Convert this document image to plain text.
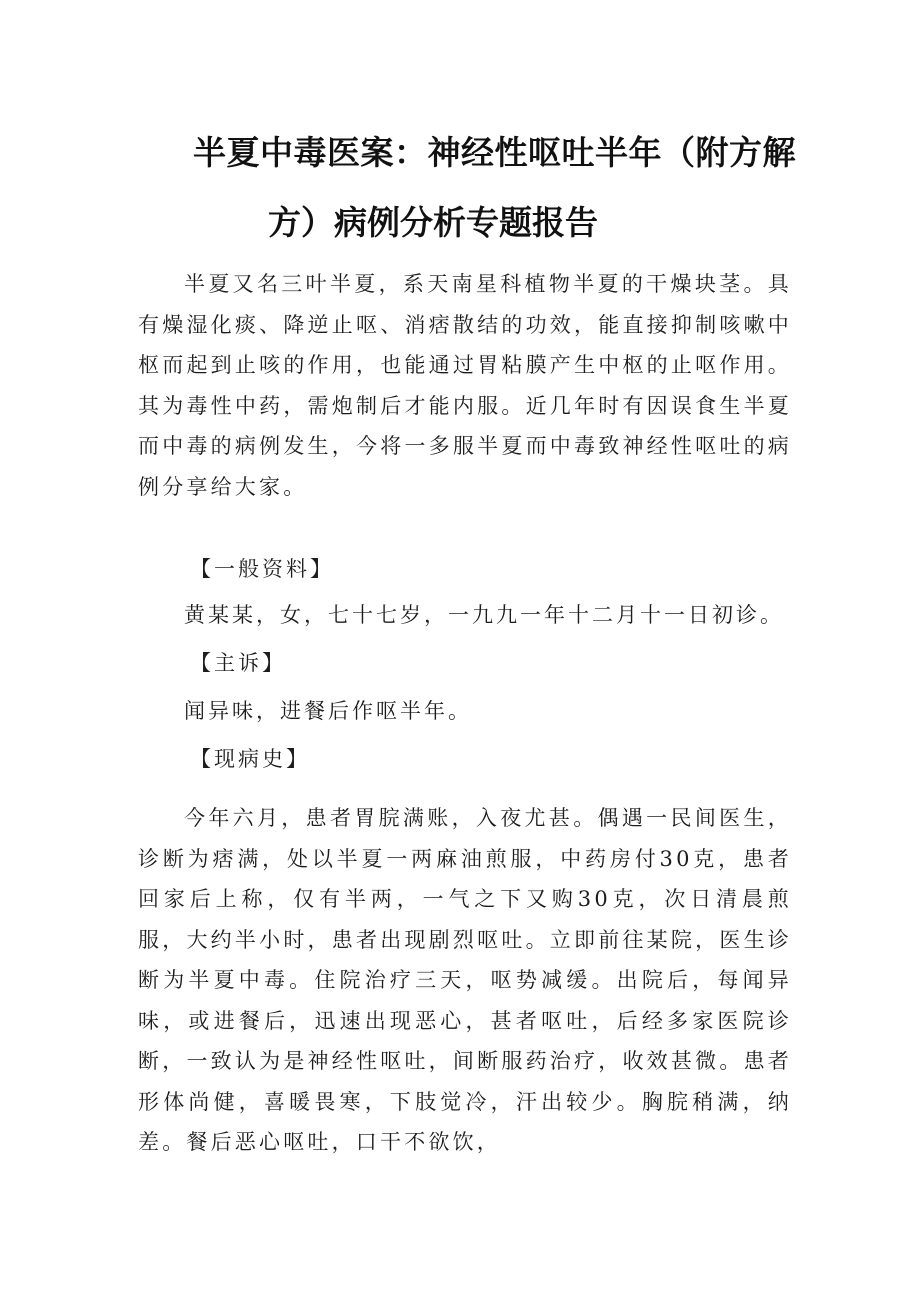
半夏中毒医案：神经性呕吐半年（附方解
方）病例分析专题报告

半夏又名三叶半夏，系天南星科植物半夏的干燥块茎。具有燥湿化痰、降逆止呕、消痞散结的功效，能直接抑制咳嗽中枢而起到止咳的作用，也能通过胃粘膜产生中枢的止呕作用。其为毒性中药，需炮制后才能内服。近几年时有因误食生半夏而中毒的病例发生，今将一多服半夏而中毒致神经性呕吐的病例分享给大家。

【一般资料】

黄某某，女，七十七岁，一九九一年十二月十一日初诊。

【主诉】

闻异味，进餐后作呕半年。

【现病史】

今年六月，患者胃脘满账，入夜尤甚。偶遇一民间医生，诊断为痞满，处以半夏一两麻油煎服，中药房付30克，患者回家后上称，仅有半两，一气之下又购30克，次日清晨煎服，大约半小时，患者出现剧烈呕吐。立即前往某院，医生诊断为半夏中毒。住院治疗三天，呕势减缓。出院后，每闻异味，或进餐后，迅速出现恶心，甚者呕吐，后经多家医院诊断，一致认为是神经性呕吐，间断服药治疗，收效甚微。患者形体尚健，喜暖畏寒，下肢觉冷，汗出较少。胸脘稍满，纳差。餐后恶心呕吐，口干不欲饮，
